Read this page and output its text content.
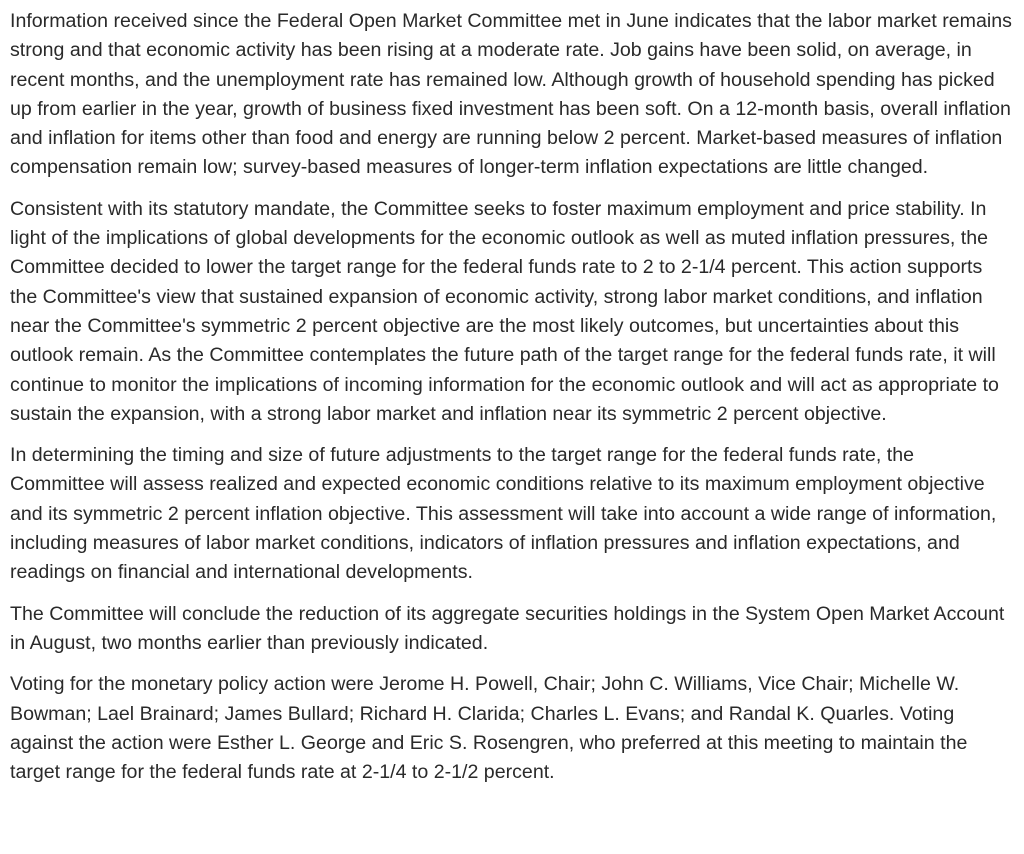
Information received since the Federal Open Market Committee met in June indicates that the labor market remains strong and that economic activity has been rising at a moderate rate. Job gains have been solid, on average, in recent months, and the unemployment rate has remained low. Although growth of household spending has picked up from earlier in the year, growth of business fixed investment has been soft. On a 12-month basis, overall inflation and inflation for items other than food and energy are running below 2 percent. Market-based measures of inflation compensation remain low; survey-based measures of longer-term inflation expectations are little changed.

Consistent with its statutory mandate, the Committee seeks to foster maximum employment and price stability. In light of the implications of global developments for the economic outlook as well as muted inflation pressures, the Committee decided to lower the target range for the federal funds rate to 2 to 2-1/4 percent. This action supports the Committee's view that sustained expansion of economic activity, strong labor market conditions, and inflation near the Committee's symmetric 2 percent objective are the most likely outcomes, but uncertainties about this outlook remain. As the Committee contemplates the future path of the target range for the federal funds rate, it will continue to monitor the implications of incoming information for the economic outlook and will act as appropriate to sustain the expansion, with a strong labor market and inflation near its symmetric 2 percent objective.

In determining the timing and size of future adjustments to the target range for the federal funds rate, the Committee will assess realized and expected economic conditions relative to its maximum employment objective and its symmetric 2 percent inflation objective. This assessment will take into account a wide range of information, including measures of labor market conditions, indicators of inflation pressures and inflation expectations, and readings on financial and international developments.

The Committee will conclude the reduction of its aggregate securities holdings in the System Open Market Account in August, two months earlier than previously indicated.

Voting for the monetary policy action were Jerome H. Powell, Chair; John C. Williams, Vice Chair; Michelle W. Bowman; Lael Brainard; James Bullard; Richard H. Clarida; Charles L. Evans; and Randal K. Quarles. Voting against the action were Esther L. George and Eric S. Rosengren, who preferred at this meeting to maintain the target range for the federal funds rate at 2-1/4 to 2-1/2 percent.
